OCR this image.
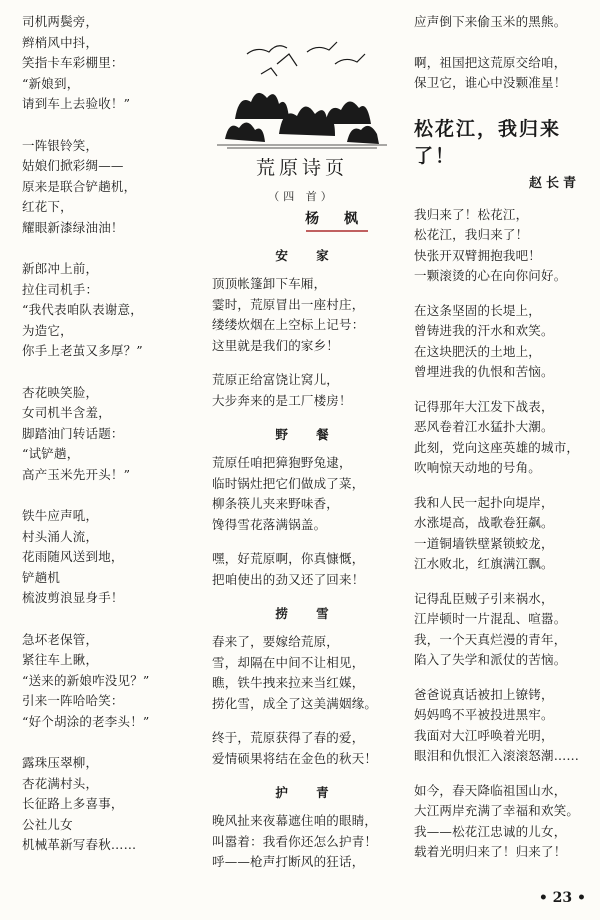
司机两鬓旁，
辫梢风中抖，
笑指卡车彩棚里：
“新娘到，
请到车上去验收！”
一阵银铃笑，
姑娘们掀彩绸——
原来是联合铲趟机，
红花下，
耀眼新漆绿油油！
新郎冲上前，
拉住司机手：
“我代表咱队表谢意，
为造它，
你手上老茧又多厚？”
杏花映笑脸，
女司机半含羞，
脚踏油门转话题：
“试铲趟，
高产玉米先开头！”
铁牛应声吼，
村头涌人流，
花雨随风送到地，
铲趟机
梳波剪浪显身手！
急坏老保管，
紧往车上瞅，
“送来的新娘咋没见？”
引来一阵哈哈笑：
“好个胡涂的老李头！”
露珠压翠柳，
杏花满村头，
长征路上多喜事，
公社儿女
机械革新写春秋……
荒原诗页
（四 首）
杨 枫
安 家
顶顶帐篷卸下车厢，
霎时，荒原冒出一座村庄，
缕缕炊烟在上空标上记号：
这里就是我们的家乡！
荒原正给富饶让窝儿，
大步奔来的是工厂楼房！
野 餐
荒原任咱把獐狍野兔逮，
临时锅灶把它们做成了菜，
柳条筷儿夹来野味香，
馋得雪花落满锅盖。
嘿，好荒原啊，你真慷慨，
把咱使出的劲又还了回来！
捞 雪
春来了，要嫁给荒原，
雪，却隔在中间不让相见，
瞧，铁牛拽来拉来当红媒，
捞化雪，成全了这美满姻缘。
终于，荒原获得了春的爱，
爱情硕果将结在金色的秋天！
护 青
晚风扯来夜幕遮住咱的眼睛，
叫嚣着：我看你还怎么护青！
呼——枪声打断风的狂话，
应声倒下来偷玉米的黑熊。
啊，祖国把这荒原交给咱，
保卫它，谁心中没颗准星！
松花江，我归来了！
赵长青
我归来了！松花江，
松花江，我归来了！
快张开双臂拥抱我吧！
一颗滚烫的心在向你问好。
在这条坚固的长堤上，
曾铸进我的汗水和欢笑。
在这块肥沃的土地上，
曾埋进我的仇恨和苦恼。
记得那年大江发下战表，
恶风卷着江水猛扑大潮。
此刻，党向这座英雄的城市，
吹响惊天动地的号角。
我和人民一起扑向堤岸，
水涨堤高，战歌卷狂飙。
一道铜墙铁壁紧锁蛟龙，
江水败北，红旗满江飘。
记得乱臣贼子引来祸水，
江岸顿时一片混乱、喧嚣。
我，一个天真烂漫的青年，
陷入了失学和派仗的苦恼。
爸爸说真话被扣上镣铐，
妈妈鸣不平被投进黑牢。
我面对大江呼唤着光明，
眼泪和仇恨汇入滚滚怒潮……
如今，春天降临祖国山水，
大江两岸充满了幸福和欢笑。
我——松花江忠诚的儿女，
载着光明归来了！归来了！
• 23 •
